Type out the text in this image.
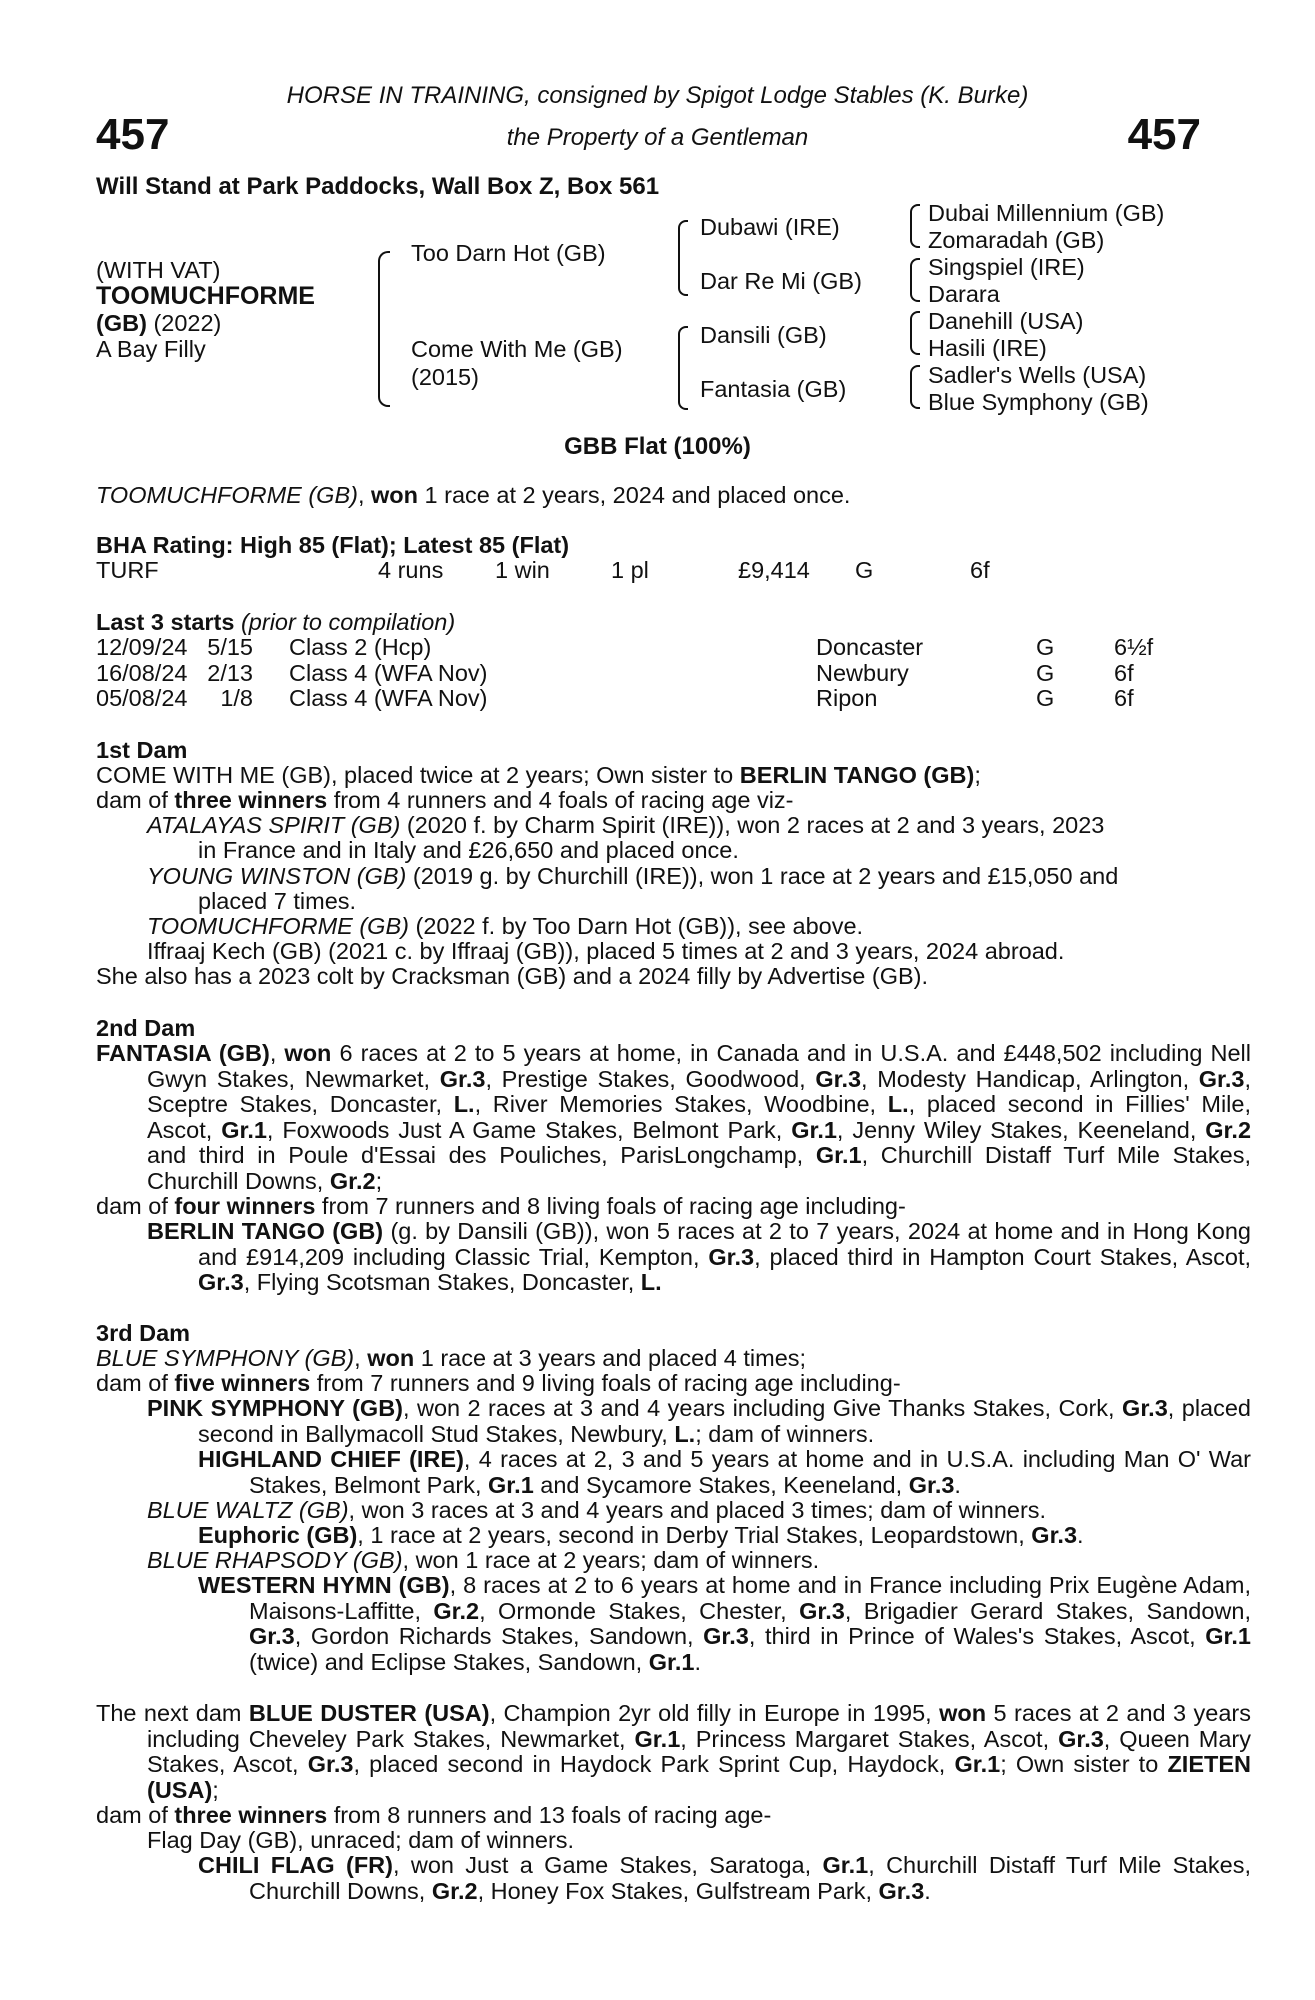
HORSE IN TRAINING, consigned by Spigot Lodge Stables (K. Burke)
the Property of a Gentleman
457	457
Will Stand at Park Paddocks, Wall Box Z, Box 561
(WITH VAT)
TOOMUCHFORME
(GB) (2022)
A Bay Filly
Too Darn Hot (GB)
Come With Me (GB)
(2015)
Dubawi (IRE)
Dar Re Mi (GB)
Dansili (GB)
Fantasia (GB)
Dubai Millennium (GB)
Zomaradah (GB)
Singspiel (IRE)
Darara
Danehill (USA)
Hasili (IRE)
Sadler's Wells (USA)
Blue Symphony (GB)
GBB Flat (100%)
TOOMUCHFORME (GB), won 1 race at 2 years, 2024 and placed once.
BHA Rating: High 85 (Flat); Latest 85 (Flat)
TURF	4 runs 1 win	1 pl	£9,414 G	6f
Last 3 starts (prior to compilation)
12/09/24 5/15 Class 2 (Hcp)	Doncaster	G	6½f
16/08/24 2/13 Class 4 (WFA Nov)	Newbury	G	6f
05/08/24 1/8 Class 4 (WFA Nov)	Ripon	G	6f
1st Dam
COME WITH ME (GB), placed twice at 2 years; Own sister to BERLIN TANGO (GB);
dam of three winners from 4 runners and 4 foals of racing age viz-
ATALAYAS SPIRIT (GB) (2020 f. by Charm Spirit (IRE)), won 2 races at 2 and 3 years, 2023
in France and in Italy and £26,650 and placed once.
YOUNG WINSTON (GB) (2019 g. by Churchill (IRE)), won 1 race at 2 years and £15,050 and
placed 7 times.
TOOMUCHFORME (GB) (2022 f. by Too Darn Hot (GB)), see above.
Iffraaj Kech (GB) (2021 c. by Iffraaj (GB)), placed 5 times at 2 and 3 years, 2024 abroad.
She also has a 2023 colt by Cracksman (GB) and a 2024 filly by Advertise (GB).
2nd Dam
FANTASIA (GB), won 6 races at 2 to 5 years at home, in Canada and in U.S.A. and £448,502 including Nell Gwyn Stakes, Newmarket, Gr.3, Prestige Stakes, Goodwood, Gr.3, Modesty Handicap, Arlington, Gr.3, Sceptre Stakes, Doncaster, L., River Memories Stakes, Woodbine, L., placed second in Fillies' Mile, Ascot, Gr.1, Foxwoods Just A Game Stakes, Belmont Park, Gr.1, Jenny Wiley Stakes, Keeneland, Gr.2 and third in Poule d'Essai des Pouliches, ParisLongchamp, Gr.1, Churchill Distaff Turf Mile Stakes, Churchill Downs, Gr.2;
dam of four winners from 7 runners and 8 living foals of racing age including-
BERLIN TANGO (GB) (g. by Dansili (GB)), won 5 races at 2 to 7 years, 2024 at home and in Hong Kong and £914,209 including Classic Trial, Kempton, Gr.3, placed third in Hampton Court Stakes, Ascot, Gr.3, Flying Scotsman Stakes, Doncaster, L.
3rd Dam
BLUE SYMPHONY (GB), won 1 race at 3 years and placed 4 times;
dam of five winners from 7 runners and 9 living foals of racing age including-
PINK SYMPHONY (GB), won 2 races at 3 and 4 years including Give Thanks Stakes, Cork, Gr.3, placed second in Ballymacoll Stud Stakes, Newbury, L.; dam of winners.
HIGHLAND CHIEF (IRE), 4 races at 2, 3 and 5 years at home and in U.S.A. including Man O' War Stakes, Belmont Park, Gr.1 and Sycamore Stakes, Keeneland, Gr.3.
BLUE WALTZ (GB), won 3 races at 3 and 4 years and placed 3 times; dam of winners.
Euphoric (GB), 1 race at 2 years, second in Derby Trial Stakes, Leopardstown, Gr.3.
BLUE RHAPSODY (GB), won 1 race at 2 years; dam of winners.
WESTERN HYMN (GB), 8 races at 2 to 6 years at home and in France including Prix Eugène Adam, Maisons-Laffitte, Gr.2, Ormonde Stakes, Chester, Gr.3, Brigadier Gerard Stakes, Sandown, Gr.3, Gordon Richards Stakes, Sandown, Gr.3, third in Prince of Wales's Stakes, Ascot, Gr.1 (twice) and Eclipse Stakes, Sandown, Gr.1.
The next dam BLUE DUSTER (USA), Champion 2yr old filly in Europe in 1995, won 5 races at 2 and 3 years including Cheveley Park Stakes, Newmarket, Gr.1, Princess Margaret Stakes, Ascot, Gr.3, Queen Mary Stakes, Ascot, Gr.3, placed second in Haydock Park Sprint Cup, Haydock, Gr.1; Own sister to ZIETEN (USA);
dam of three winners from 8 runners and 13 foals of racing age-
Flag Day (GB), unraced; dam of winners.
CHILI FLAG (FR), won Just a Game Stakes, Saratoga, Gr.1, Churchill Distaff Turf Mile Stakes, Churchill Downs, Gr.2, Honey Fox Stakes, Gulfstream Park, Gr.3.
